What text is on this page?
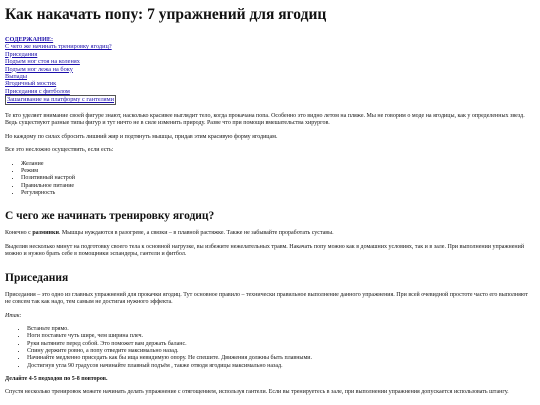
Как накачать попу: 7 упражнений для ягодиц
СОДЕРЖАНИЕ:
С чего же начинать тренировку ягодиц?
Приседания
Подъем ног стоя на коленях
Подъем ног лежа на боку
Выпады
Ягодичный мостик
Приседания с фитболом
Зашагивание на платформу с гантелями

Те кто уделяет внимание своей фигуре знают, насколько красивее выглядит тело, когда прокачана попа. Особенно это видно летом на пляже. Мы не говорим о моде на ягодицы, как у определенных звезд. Ведь существуют разные типы фигур и тут ничто не в силе изменить природу. Разве что при помощи вмешательства хирургов.

Но каждому по силах сбросить лишний жир и подтянуть мышцы, придав этим красивую форму ягодицам.

Все это несложно осуществить, если есть:

• Желание
• Режим
• Позитивный настрой
• Правильное питание
• Регулярность
С чего же начинать тренировку ягодиц?

Конечно с разминки. Мышцы нуждаются в разогреве, а связки – в плавной растяжке. Также не забывайте проработать суставы.

Выделив несколько минут на подготовку своего тела к основной нагрузке, вы избежите нежелательных травм. Накачать попу можно как в домашних условиях, так и в зале. При выполнении упражнений можно и нужно брать себе в помощники эспандеры, гантели и фитбол.

Приседания

Приседания – это одно из главных упражнений для прокачки ягодиц. Тут основное правило – технически правильное выполнение данного упражнения. При всей очевидной простоте часто его выполняют не совсем так как надо, тем самым не достигая нужного эффекта.

Итак:

• Встаньте прямо.
• Ноги поставьте чуть шире, чем ширина плеч.
• Руки вытяните перед собой. Это поможет вам держать баланс.
• Спину держите ровно, а попу отведите максимально назад.
• Начинайте медленно приседать как бы ища невидимую опору. Не спешите. Движения должны быть плавными.
• Достигнув угла 90 градусов начинайте плавный подъём , также отводя ягодицы максимально назад.

Делайте 4-5 подходов по 5-8 повторов.

Спустя несколько тренировок можете начинать делать упражнение с отягощением, используя гантели. Если вы тренируетесь в зале, при выполнении упражнения допускается использовать штангу.
